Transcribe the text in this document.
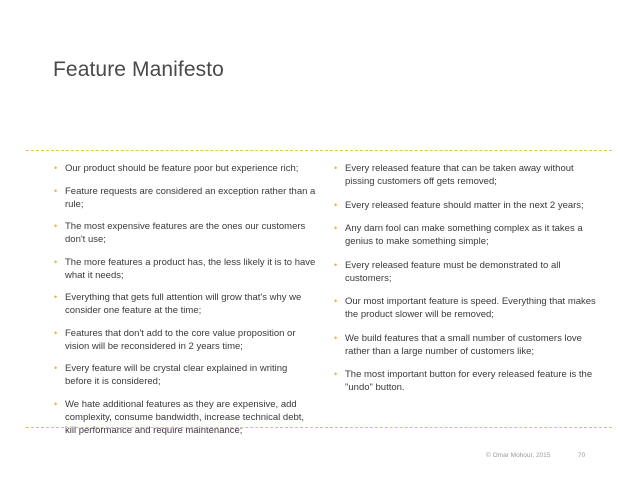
Feature Manifesto
• Our product should be feature poor but experience rich;
• Feature requests are considered an exception rather than a rule;
• The most expensive features are the ones our customers don't use;
• The more features a product has, the less likely it is to have what it needs;
• Everything that gets full attention will grow that's why we consider one feature at the time;
• Features that don't add to the core value proposition or vision will be reconsidered in 2 years time;
• Every feature will be crystal clear explained in writing before it is considered;
• We hate additional features as they are expensive, add complexity, consume bandwidth, increase technical debt, kill performance and require maintenance;
• Every released feature that can be taken away without pissing customers off gets removed;
• Every released feature should matter in the next 2 years;
• Any darn fool can make something complex as it takes a genius to make something simple;
• Every released feature must be demonstrated to all customers;
• Our most important feature is speed. Everything that makes the product slower will be removed;
• We build features that a small number of customers love rather than a large number of customers like;
• The most important button for every released feature is the "undo" button.
© Omar Mohout, 2015	70
